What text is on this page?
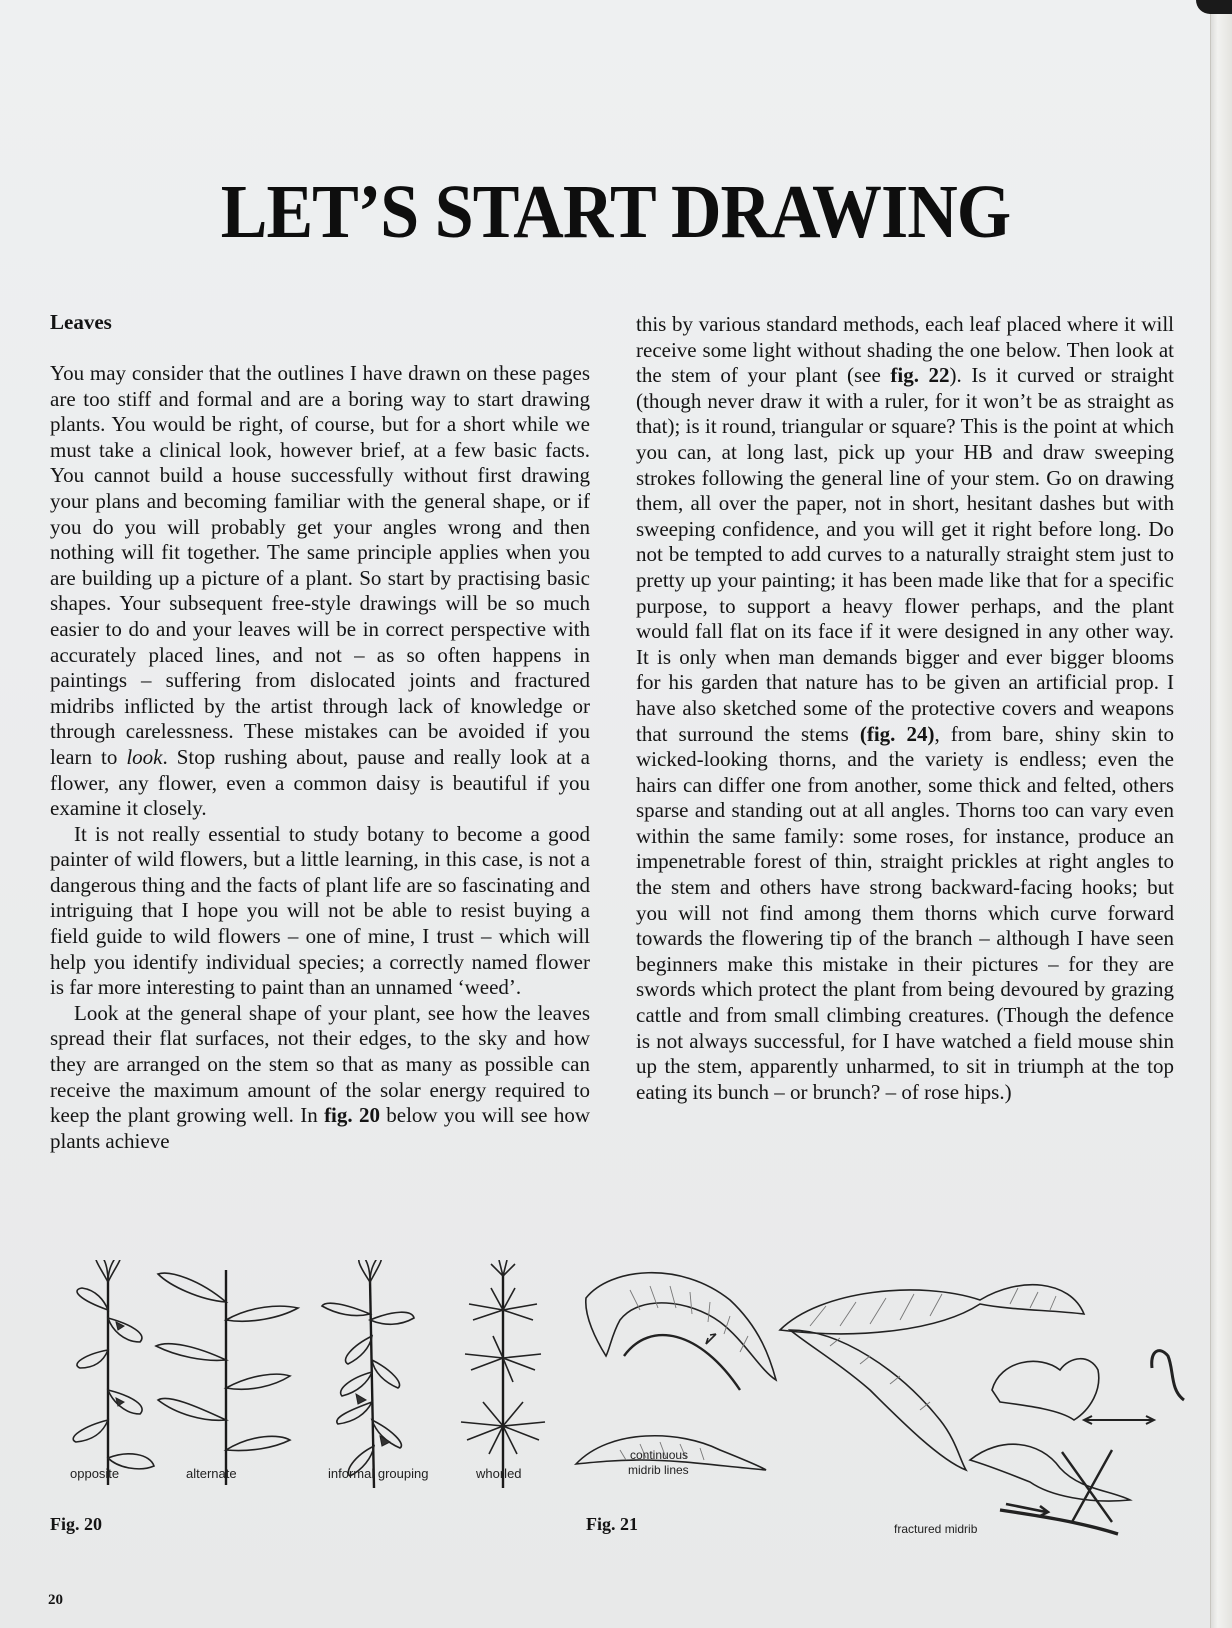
LET’S START DRAWING
Leaves

You may consider that the outlines I have drawn on these pages are too stiff and formal and are a boring way to start drawing plants. You would be right, of course, but for a short while we must take a clinical look, however brief, at a few basic facts. You cannot build a house successfully without first drawing your plans and becoming familiar with the general shape, or if you do you will probably get your angles wrong and then nothing will fit together. The same principle applies when you are building up a picture of a plant. So start by practising basic shapes. Your subsequent free-style drawings will be so much easier to do and your leaves will be in correct perspective with accurately placed lines, and not – as so often happens in paintings – suffering from dislocated joints and fractured midribs inflicted by the artist through lack of knowledge or through carelessness. These mistakes can be avoided if you learn to look. Stop rushing about, pause and really look at a flower, any flower, even a common daisy is beautiful if you examine it closely.

It is not really essential to study botany to become a good painter of wild flowers, but a little learning, in this case, is not a dangerous thing and the facts of plant life are so fascinating and intriguing that I hope you will not be able to resist buying a field guide to wild flowers – one of mine, I trust – which will help you identify individual species; a correctly named flower is far more interesting to paint than an unnamed ‘weed’.

Look at the general shape of your plant, see how the leaves spread their flat surfaces, not their edges, to the sky and how they are arranged on the stem so that as many as possible can receive the maximum amount of the solar energy required to keep the plant growing well. In fig. 20 below you will see how plants achieve

this by various standard methods, each leaf placed where it will receive some light without shading the one below. Then look at the stem of your plant (see fig. 22). Is it curved or straight (though never draw it with a ruler, for it won’t be as straight as that); is it round, triangular or square? This is the point at which you can, at long last, pick up your HB and draw sweeping strokes following the general line of your stem. Go on drawing them, all over the paper, not in short, hesitant dashes but with sweeping confidence, and you will get it right before long. Do not be tempted to add curves to a naturally straight stem just to pretty up your painting; it has been made like that for a specific purpose, to support a heavy flower perhaps, and the plant would fall flat on its face if it were designed in any other way. It is only when man demands bigger and ever bigger blooms for his garden that nature has to be given an artificial prop. I have also sketched some of the protective covers and weapons that surround the stems (fig. 24), from bare, shiny skin to wicked-looking thorns, and the variety is endless; even the hairs can differ one from another, some thick and felted, others sparse and standing out at all angles. Thorns too can vary even within the same family: some roses, for instance, produce an impenetrable forest of thin, straight prickles at right angles to the stem and others have strong backward-facing hooks; but you will not find among them thorns which curve forward towards the flowering tip of the branch – although I have seen beginners make this mistake in their pictures – for they are swords which protect the plant from being devoured by grazing cattle and from small climbing creatures. (Though the defence is not always successful, for I have watched a field mouse shin up the stem, apparently unharmed, to sit in triumph at the top eating its bunch – or brunch? – of rose hips.)

opposite	alternate	informal grouping	whorled
continuous
midrib lines
fractured midrib
Fig. 20	Fig. 21
20
